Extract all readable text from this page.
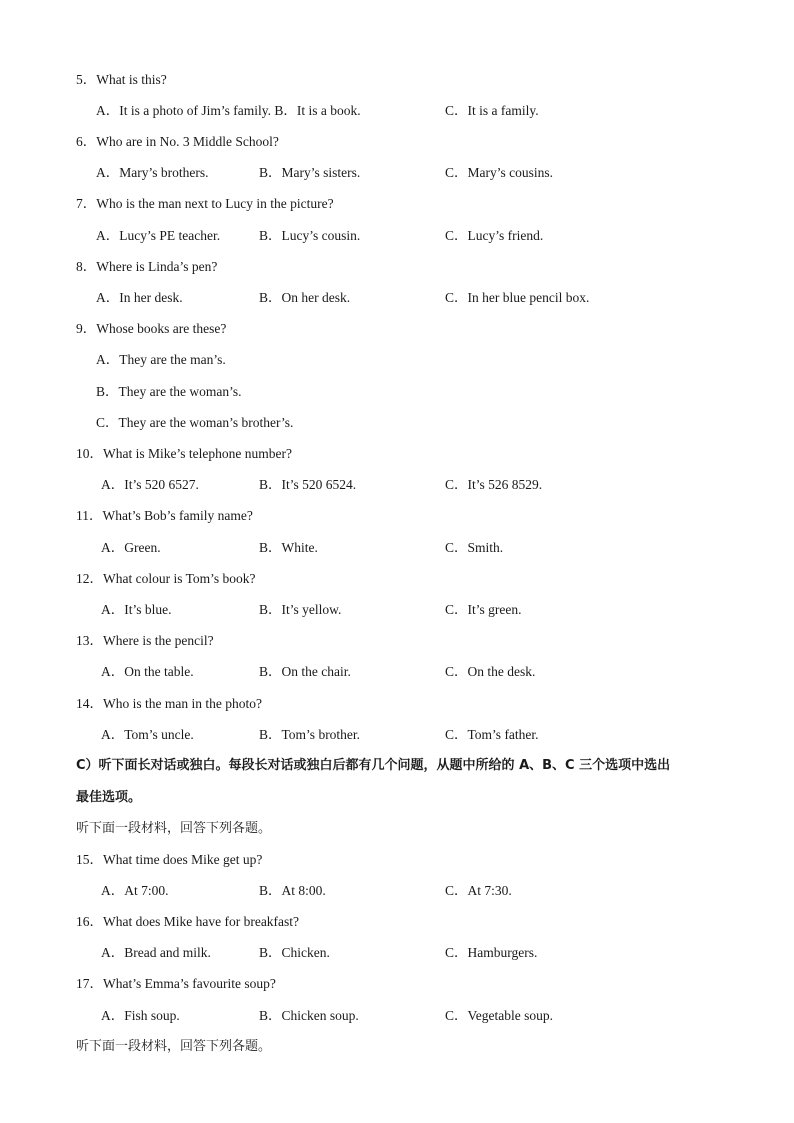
5．What is this?
A．It is a photo of Jim’s family. B．It is a book.	C．It is a family.
6．Who are in No. 3 Middle School?
A．Mary’s brothers.	B．Mary’s sisters.	C．Mary’s cousins.
7．Who is the man next to Lucy in the picture?
A．Lucy’s PE teacher.	B．Lucy’s cousin.	C．Lucy’s friend.
8．Where is Linda’s pen?
A．In her desk.	B．On her desk.	C．In her blue pencil box.
9．Whose books are these?
A．They are the man’s.
B．They are the woman’s.
C．They are the woman’s brother’s.
10．What is Mike’s telephone number?
A．It’s 520 6527.	B．It’s 520 6524.	C．It’s 526 8529.
11．What’s Bob’s family name?
A．Green.	B．White.	C．Smith.
12．What colour is Tom’s book?
A．It’s blue.	B．It’s yellow.	C．It’s green.
13．Where is the pencil?
A．On the table.	B．On the chair.	C．On the desk.
14．Who is the man in the photo?
A．Tom’s uncle.	B．Tom’s brother.	C．Tom’s father.
C）听下面长对话或独白。每段长对话或独白后都有几个问题，从题中所给的 A、B、C 三个选项中选出
最佳选项。
听下面一段材料，回答下列各题。
15．What time does Mike get up?
A．At 7:00.	B．At 8:00.	C．At 7:30.
16．What does Mike have for breakfast?
A．Bread and milk.	B．Chicken.	C．Hamburgers.
17．What’s Emma’s favourite soup?
A．Fish soup.	B．Chicken soup.	C．Vegetable soup.
听下面一段材料，回答下列各题。
